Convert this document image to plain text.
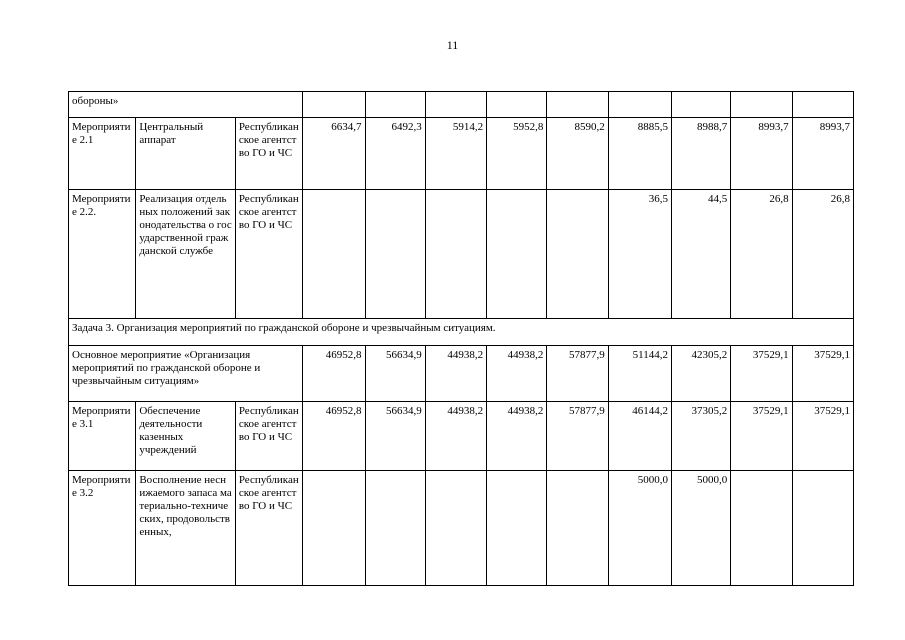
11
обороны»											
Мероприятие 2.1	Центральный аппарат	Республиканское агентство ГО и ЧС	6634,7	6492,3	5914,2	5952,8	8590,2	8885,5	8988,7	8993,7	8993,7
Мероприятие 2.2.	Реализация отдельных положений законодательства о государственной гражданской службе	Республиканское агентство ГО и ЧС						36,5	44,5	26,8	26,8
Задача 3. Организация мероприятий по гражданской обороне и чрезвычайным ситуациям.											
Основное мероприятие «Организация мероприятий по гражданской обороне и чрезвычайным ситуациям»			46952,8	56634,9	44938,2	44938,2	57877,9	51144,2	42305,2	37529,1	37529,1
Мероприятие 3.1	Обеспечение деятельности казенных учреждений	Республиканское агентство ГО и ЧС	46952,8	56634,9	44938,2	44938,2	57877,9	46144,2	37305,2	37529,1	37529,1
Мероприятие 3.2	Восполнение неснижаемого запаса материально-технических, продовольственных,	Республиканское агентство ГО и ЧС						5000,0	5000,0		
